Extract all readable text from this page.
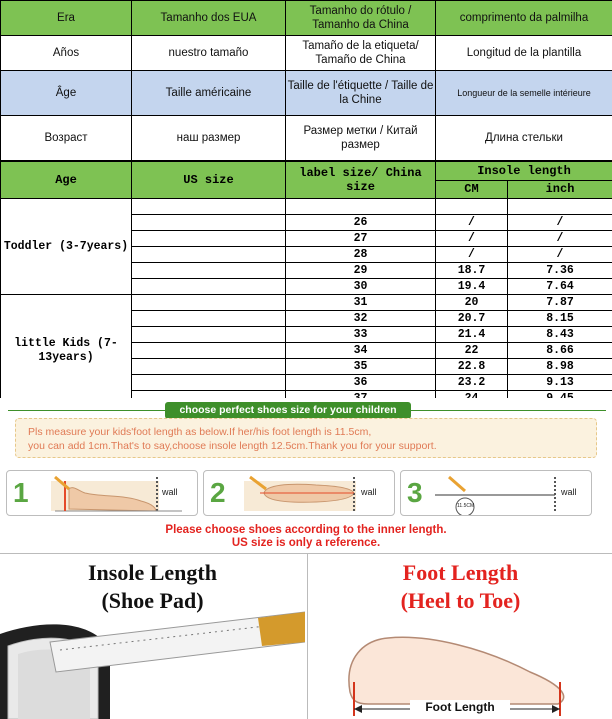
Era	Tamanho dos EUA	Tamanho do rótulo / Tamanho da China	comprimento da palmilha
Años	nuestro tamaño	Tamaño de la etiqueta/ Tamaño de China	Longitud de la plantilla
Âge	Taille américaine	Taille de l'étiquette / Taille de la Chine	Longueur de la semelle intérieure
Возраст	наш размер	Размер метки / Китай размер	Длина стельки
Age	US size	label size/ China size	Insole length	
			CM	inch
Toddler (3-7years)				
		26	/	/
		27	/	/
		28	/	/
		29	18.7	7.36
		30	19.4	7.64
little Kids (7-13years)		31	20	7.87
		32	20.7	8.15
		33	21.4	8.43
		34	22	8.66
		35	22.8	8.98
		36	23.2	9.13

choose perfect shoes size for your children
Pls measure your kids'foot length as below.If her/his foot length is 11.5cm,
you can add 1cm.That's to say,choose insole length 12.5cm.Thank you for your support.
1	wall 2	wall 3	11.5CM
wall
Please choose shoes according to the inner length.
US size is only a reference.
Insole Length
(Shoe Pad)
Foot Length
(Heel to Toe)
Foot Length
